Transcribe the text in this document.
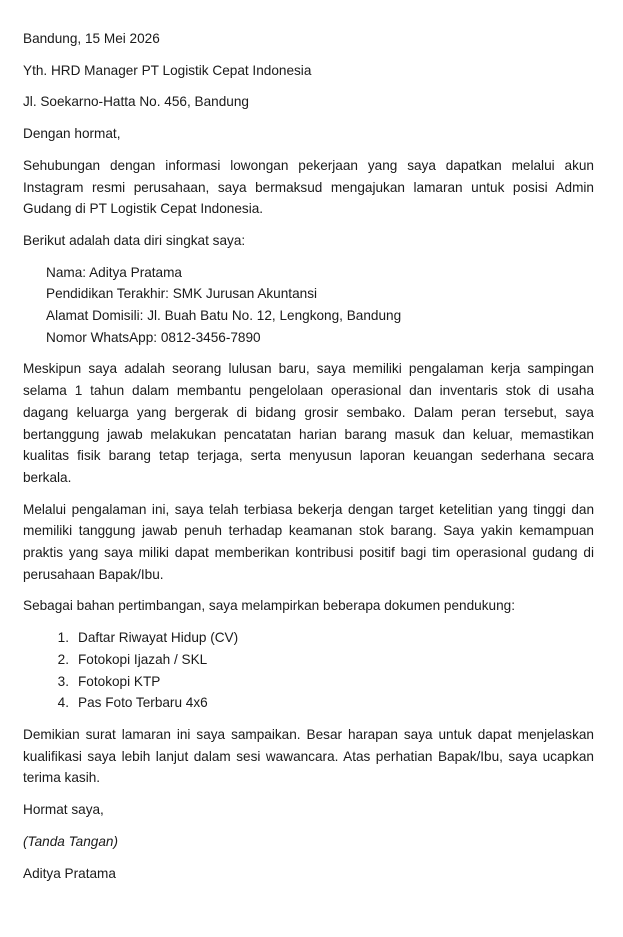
Bandung, 15 Mei 2026

Yth. HRD Manager PT Logistik Cepat Indonesia

Jl. Soekarno-Hatta No. 456, Bandung

Dengan hormat,

Sehubungan dengan informasi lowongan pekerjaan yang saya dapatkan melalui akun Instagram resmi perusahaan, saya bermaksud mengajukan lamaran untuk posisi Admin Gudang di PT Logistik Cepat Indonesia.

Berikut adalah data diri singkat saya:

Nama: Aditya Pratama
Pendidikan Terakhir: SMK Jurusan Akuntansi
Alamat Domisili: Jl. Buah Batu No. 12, Lengkong, Bandung
Nomor WhatsApp: 0812-3456-7890

Meskipun saya adalah seorang lulusan baru, saya memiliki pengalaman kerja sampingan selama 1 tahun dalam membantu pengelolaan operasional dan inventaris stok di usaha dagang keluarga yang bergerak di bidang grosir sembako. Dalam peran tersebut, saya bertanggung jawab melakukan pencatatan harian barang masuk dan keluar, memastikan kualitas fisik barang tetap terjaga, serta menyusun laporan keuangan sederhana secara berkala.

Melalui pengalaman ini, saya telah terbiasa bekerja dengan target ketelitian yang tinggi dan memiliki tanggung jawab penuh terhadap keamanan stok barang. Saya yakin kemampuan praktis yang saya miliki dapat memberikan kontribusi positif bagi tim operasional gudang di perusahaan Bapak/Ibu.

Sebagai bahan pertimbangan, saya melampirkan beberapa dokumen pendukung:

1. Daftar Riwayat Hidup (CV)
2. Fotokopi Ijazah / SKL
3. Fotokopi KTP
4. Pas Foto Terbaru 4x6

Demikian surat lamaran ini saya sampaikan. Besar harapan saya untuk dapat menjelaskan kualifikasi saya lebih lanjut dalam sesi wawancara. Atas perhatian Bapak/Ibu, saya ucapkan terima kasih.

Hormat saya,

(Tanda Tangan)

Aditya Pratama
